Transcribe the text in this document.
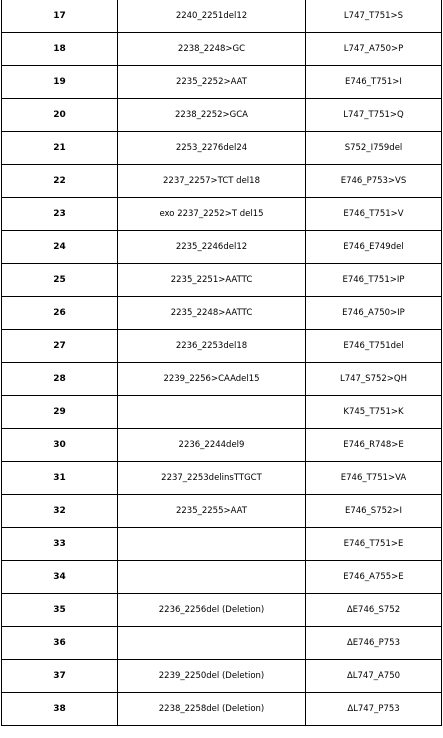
17	2240_2251del12	L747_T751>S
18	2238_2248>GC	L747_A750>P
19	2235_2252>AAT	E746_T751>I
20	2238_2252>GCA	L747_T751>Q
21	2253_2276del24	S752_I759del
22	2237_2257>TCT del18	E746_P753>VS
23	exo 2237_2252>T del15	E746_T751>V
24	2235_2246del12	E746_E749del
25	2235_2251>AATTC	E746_T751>IP
26	2235_2248>AATTC	E746_A750>IP
27	2236_2253del18	E746_T751del
28	2239_2256>CAAdel15	L747_S752>QH
29		K745_T751>K
30	2236_2244del9	E746_R748>E
31	2237_2253delinsTTGCT	E746_T751>VA
32	2235_2255>AAT	E746_S752>I
33		E746_T751>E
34		E746_A755>E
35	2236_2256del (Deletion)	ΔE746_S752
36		ΔE746_P753
37	2239_2250del (Deletion)	ΔL747_A750
38	2238_2258del (Deletion)	ΔL747_P753
